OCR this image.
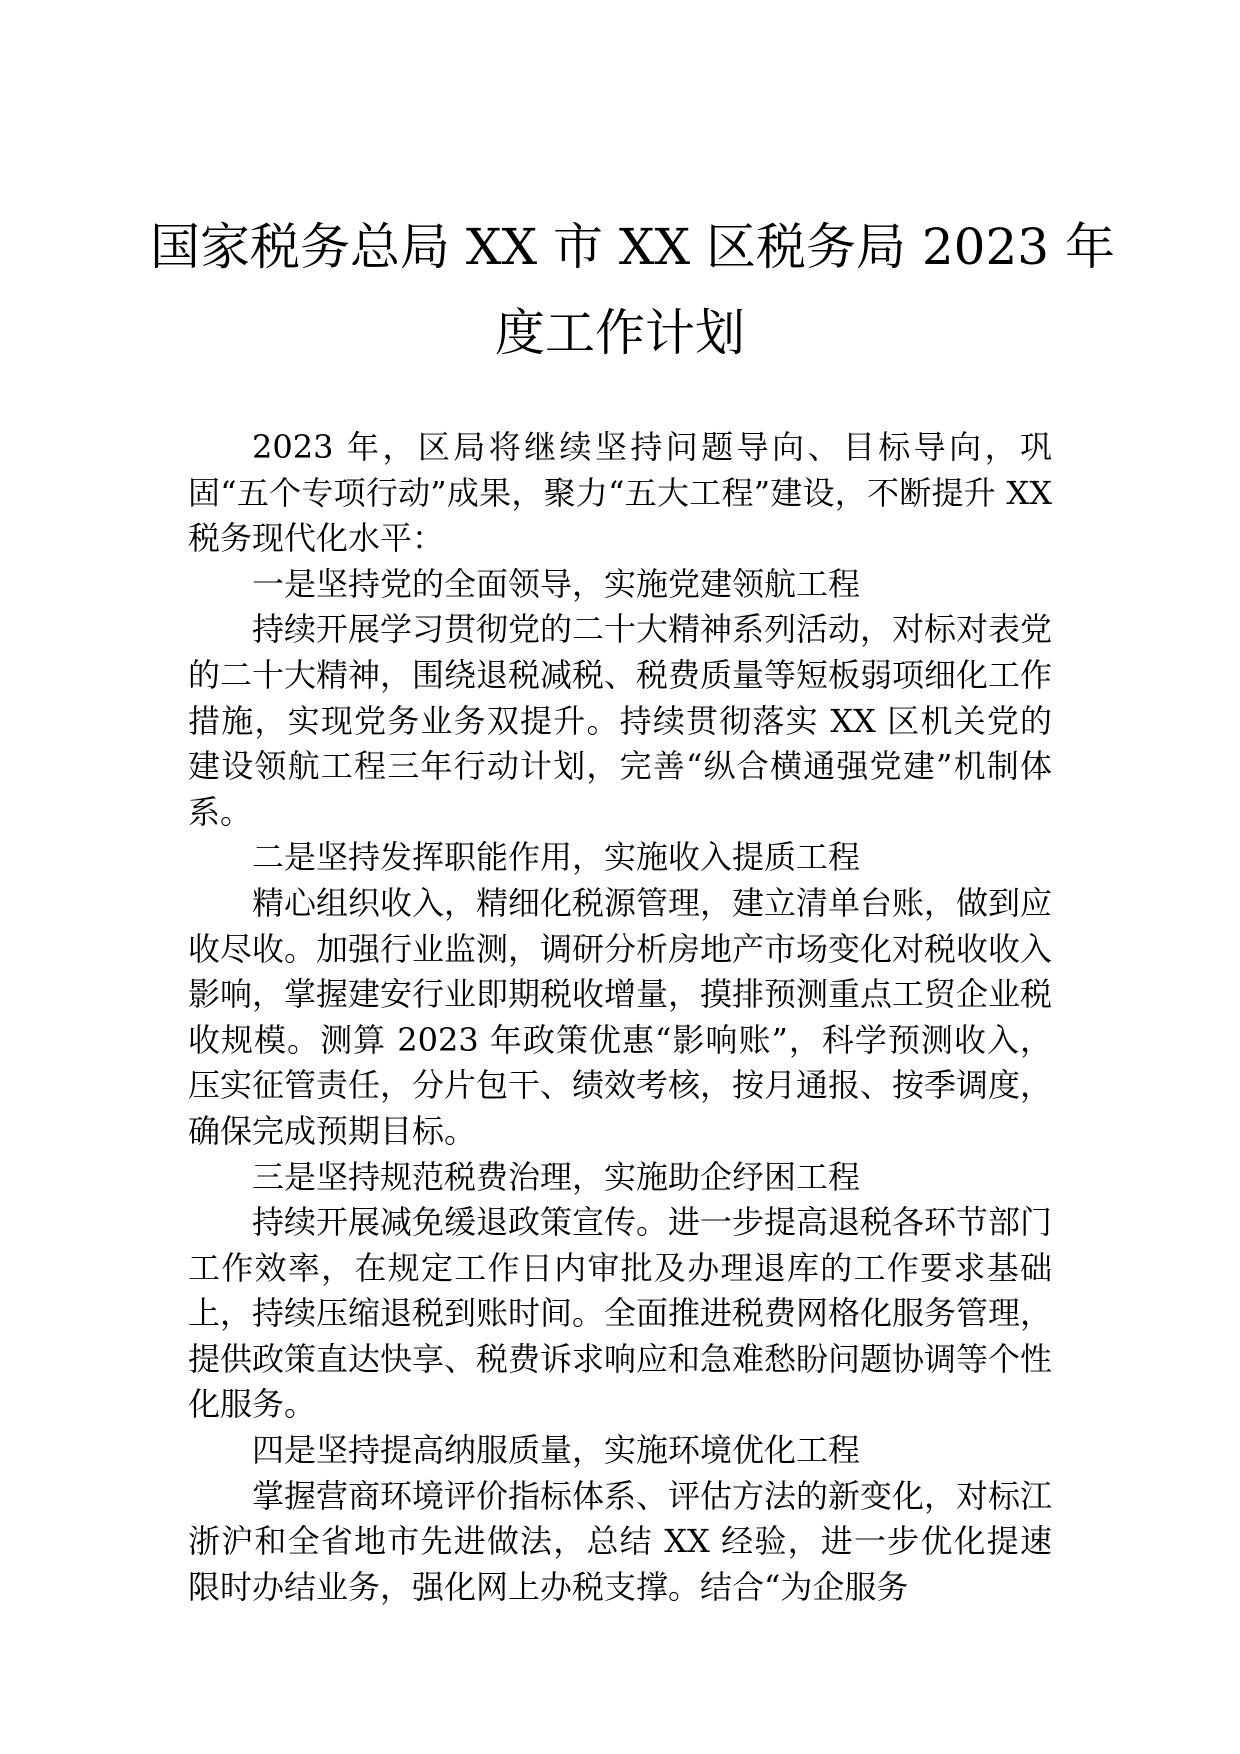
国家税务总局 XX 市 XX 区税务局 2023 年
度工作计划

2023 年，区局将继续坚持问题导向、目标导向，巩固“五个专项行动”成果，聚力“五大工程”建设，不断提升 XX 税务现代化水平：

一是坚持党的全面领导，实施党建领航工程

持续开展学习贯彻党的二十大精神系列活动，对标对表党的二十大精神，围绕退税减税、税费质量等短板弱项细化工作措施，实现党务业务双提升。持续贯彻落实 XX 区机关党的建设领航工程三年行动计划，完善“纵合横通强党建”机制体系。

二是坚持发挥职能作用，实施收入提质工程

精心组织收入，精细化税源管理，建立清单台账，做到应收尽收。加强行业监测，调研分析房地产市场变化对税收收入影响，掌握建安行业即期税收增量，摸排预测重点工贸企业税收规模。测算 2023 年政策优惠“影响账”，科学预测收入，压实征管责任，分片包干、绩效考核，按月通报、按季调度，确保完成预期目标。

三是坚持规范税费治理，实施助企纾困工程

持续开展减免缓退政策宣传。进一步提高退税各环节部门工作效率，在规定工作日内审批及办理退库的工作要求基础上，持续压缩退税到账时间。全面推进税费网格化服务管理，提供政策直达快享、税费诉求响应和急难愁盼问题协调等个性化服务。

四是坚持提高纳服质量，实施环境优化工程

掌握营商环境评价指标体系、评估方法的新变化，对标江浙沪和全省地市先进做法，总结 XX 经验，进一步优化提速限时办结业务，强化网上办税支撑。结合“为企服务
